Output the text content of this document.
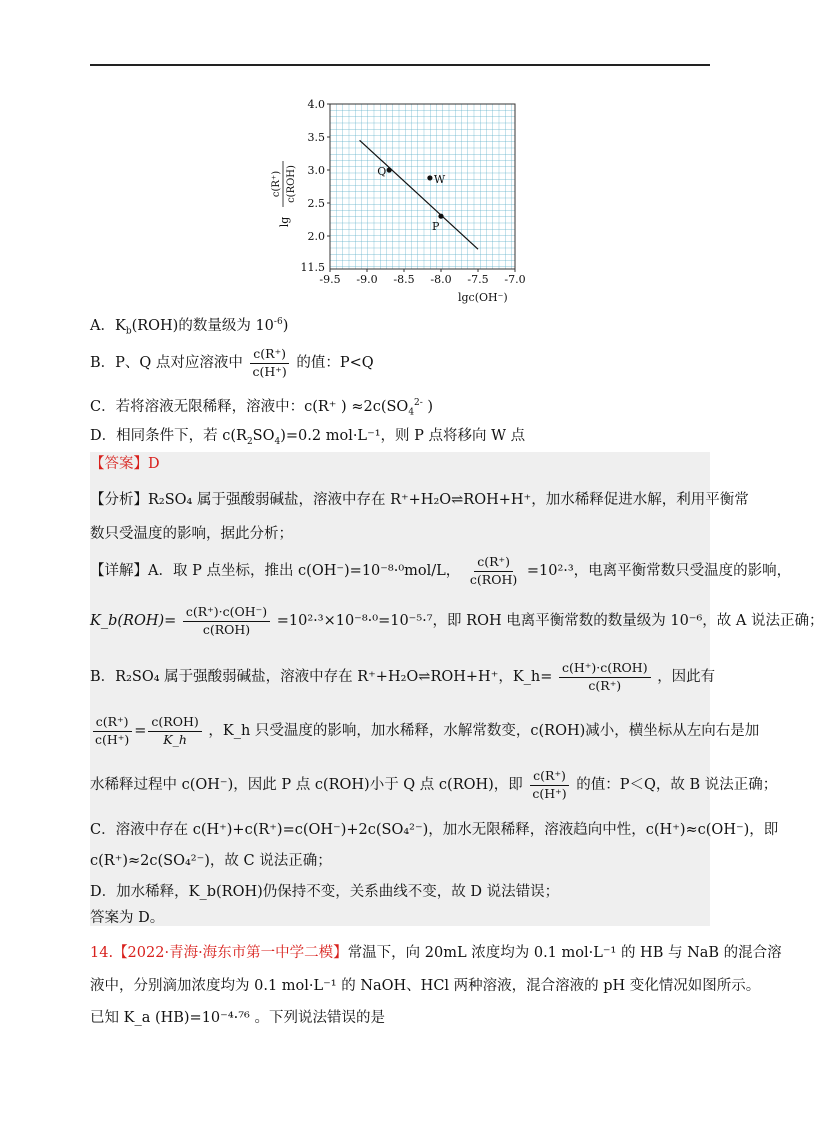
-9.5 -9.0 -8.5 -8.0 -7.5 -7.0
2.0
2.5
3.0
3.5
4.0
Q
W
P
11.5
lgc(OH⁻)
lg
c(R⁺) c(ROH)
A．$K_b(ROH)$的数量级为 $10^{-6}$)
B．P、Q 点对应溶液中 $\frac{c(R^+)}{c(H^+)}$ 的值：P<Q
C．若将溶液无限稀释，溶液中：c(R⁺ ) $\approx 2c(SO_4^{2-}$ )
D．相同条件下，若 $c(R_2SO_4)=0.2$ mol·L⁻¹，则 P 点将移向 W 点
【答案】D
【分析】R₂SO₄ 属于强酸弱碱盐，溶液中存在 R⁺+H₂O⇌ROH+H⁺，加水稀释促进水解，利用平衡常
数只受温度的影响，据此分析；
【详解】A．取 P 点坐标，推出 c(OH⁻)=10⁻⁸·⁰mol/L， $\frac{c(R^+)}{\text{c(ROH)}} =10^2\cdot^3$，电离平衡常数只受温度的影响，
K_b(ROH)= $\frac{c(R^+)\cdot c(OH^-)}{\text{c(ROH)}} =10^2\cdot^3\times 10^{-8}\cdot^0=10^{-5}\cdot^7$，即 ROH 电离平衡常数的数量级为 10⁻⁶，故 A 说法正确；
B．R₂SO₄ 属于强酸弱碱盐，溶液中存在 R⁺+H₂O⇌ROH+H⁺，K_h= $\frac{\text{c(H⁺)·c(ROH)}}{c(R^+)}$ ，因此有
$\frac{c(R^+)}{c(H^+)} = \frac{\text{c(ROH)}}{K\_h}$ ，K_h 只受温度的影响，加水稀释，水解常数变，c(ROH)减小，横坐标从左向右是加
水稀释过程中 c(OH⁻)，因此 P 点 c(ROH)小于 Q 点 c(ROH)，即 $\frac{c(R^+)}{c(H^+)}$ 的值：P＜Q，故 B 说法正确；
C．溶液中存在 c(H⁺)+c(R⁺)=c(OH⁻)+2c(SO₄²⁻)，加水无限稀释，溶液趋向中性，c(H⁺)≈c(OH⁻)，即
c(R⁺)≈2c(SO₄²⁻)，故 C 说法正确；
D．加水稀释，K_b(ROH)仍保持不变，关系曲线不变，故 D 说法错误；
答案为 D。
14.【2022·青海·海东市第一中学二模】常温下，向 20mL 浓度均为 0.1 mol·L⁻¹ 的 HB 与 NaB 的混合溶
液中，分别滴加浓度均为 0.1 mol·L⁻¹ 的 NaOH、HCl 两种溶液，混合溶液的 pH 变化情况如图所示。
已知 K_a (HB)=10⁻⁴·⁷⁶ 。下列说法错误的是
